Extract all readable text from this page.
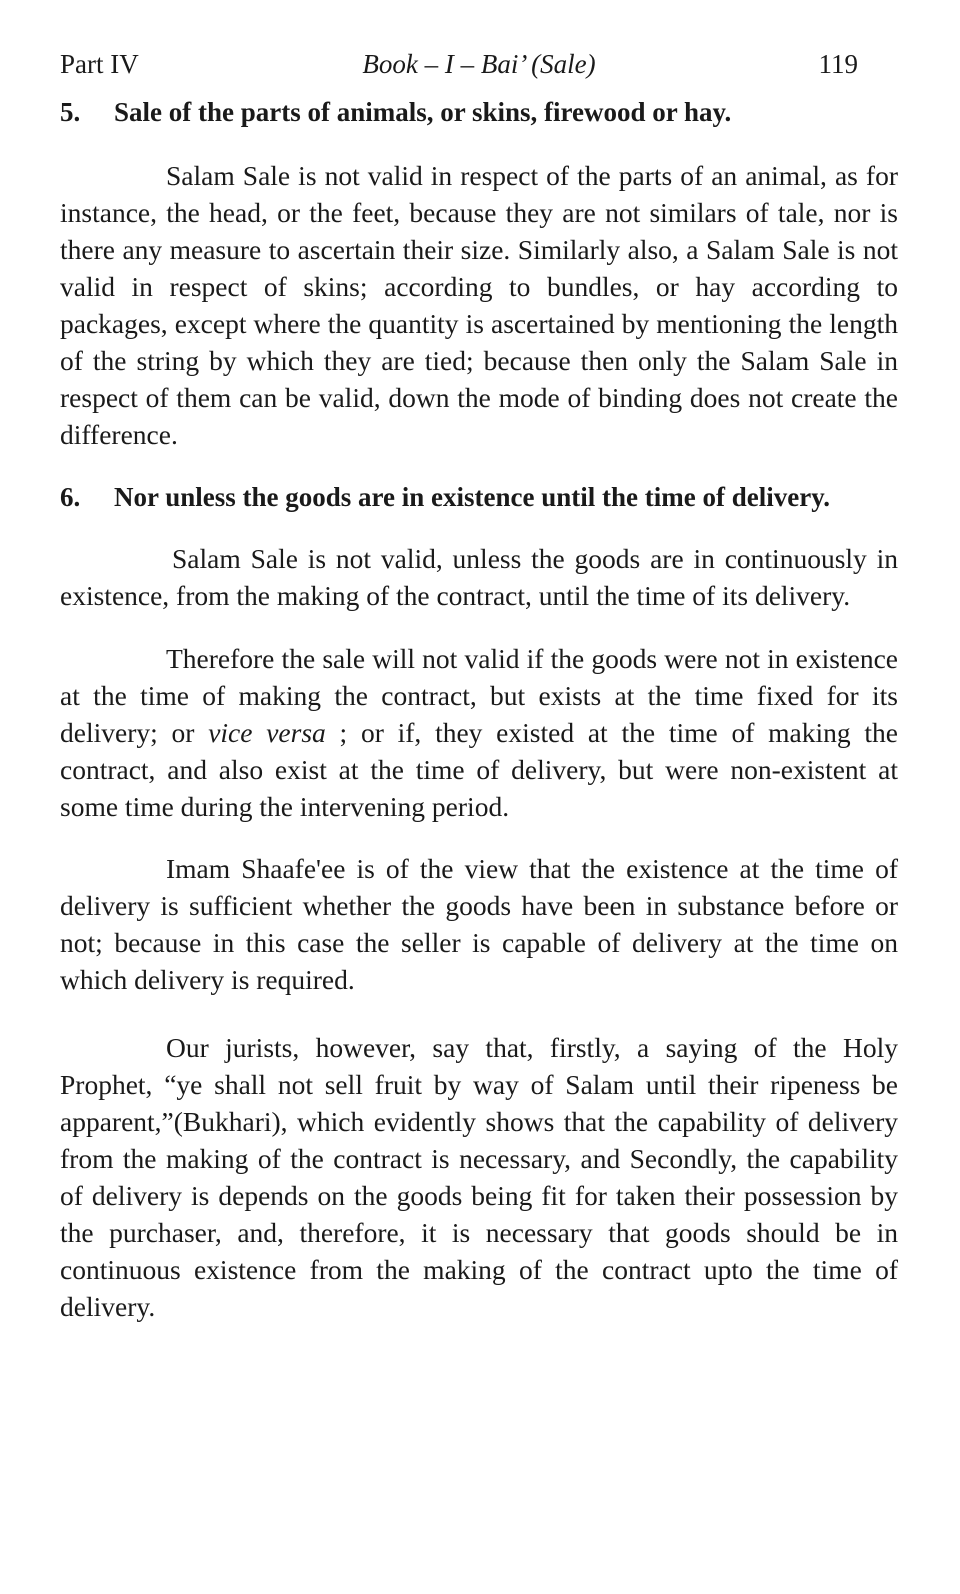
Part IV	Book – I – Bai’ (Sale)	119
5.	Sale of the parts of animals, or skins, firewood or hay.

Salam Sale is not valid in respect of the parts of an animal, as for instance, the head, or the feet, because they are not similars of tale, nor is there any measure to ascertain their size. Similarly also, a Salam Sale is not valid in respect of skins; according to bundles, or hay according to packages, except where the quantity is ascertained by mentioning the length of the string by which they are tied; because then only the Salam Sale in respect of them can be valid, down the mode of binding does not create the difference.

6.	Nor unless the goods are in existence until the time of delivery.

Salam Sale is not valid, unless the goods are in continuously in existence, from the making of the contract, until the time of its delivery.

Therefore the sale will not valid if the goods were not in existence at the time of making the contract, but exists at the time fixed for its delivery; or vice versa ; or if, they existed at the time of making the contract, and also exist at the time of delivery, but were non-existent at some time during the intervening period.

Imam Shaafe'ee is of the view that the existence at the time of delivery is sufficient whether the goods have been in substance before or not; because in this case the seller is capable of delivery at the time on which delivery is required.

Our jurists, however, say that, firstly, a saying of the Holy Prophet, “ye shall not sell fruit by way of Salam until their ripeness be apparent,”(Bukhari), which evidently shows that the capability of delivery from the making of the contract is necessary, and Secondly, the capability of delivery is depends on the goods being fit for taken their possession by the purchaser, and, therefore, it is necessary that goods should be in continuous existence from the making of the contract upto the time of delivery.
